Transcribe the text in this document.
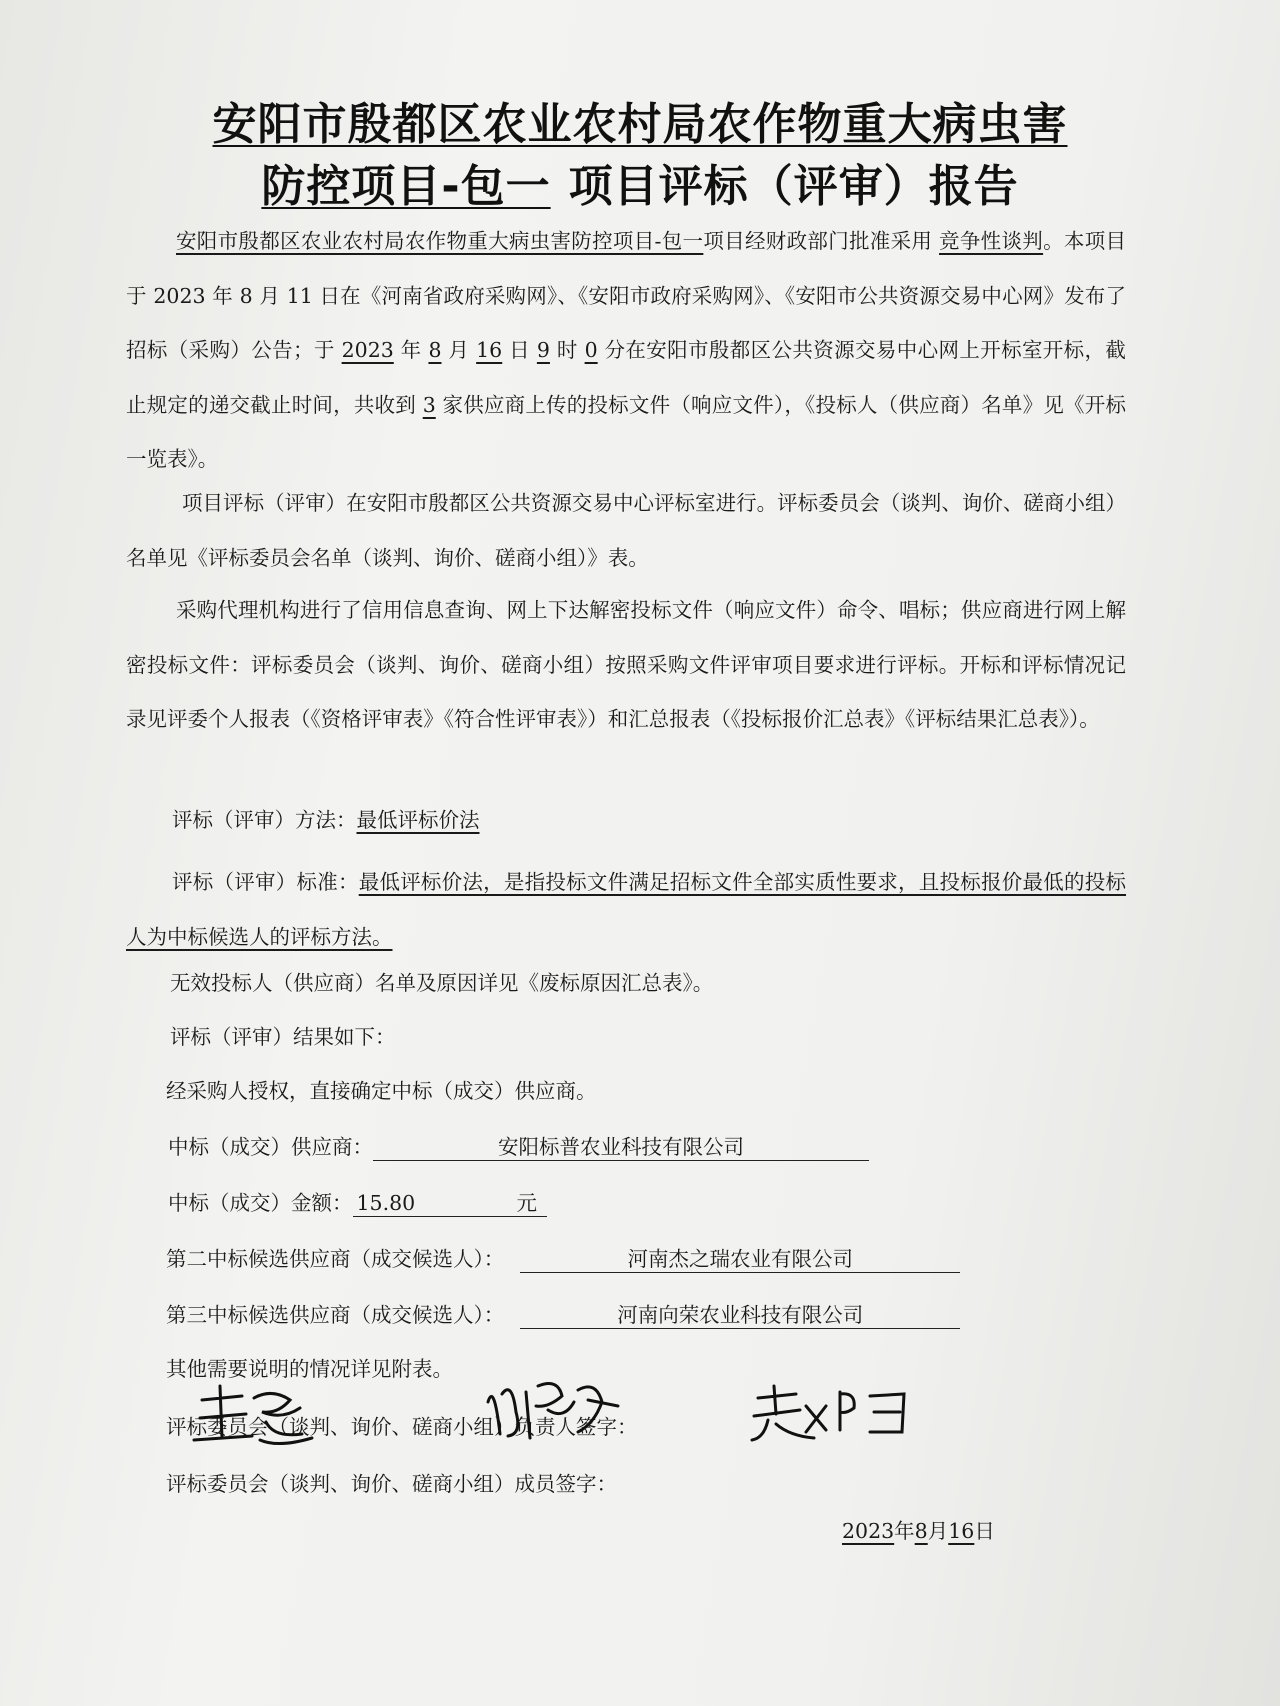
安阳市殷都区农业农村局农作物重大病虫害
防控项目-包一 项目评标（评审）报告
安阳市殷都区农业农村局农作物重大病虫害防控项目-包一项目经财政部门批准采用 竞争性谈判。本项目于 2023 年 8 月 11 日在《河南省政府采购网》、《安阳市政府采购网》、《安阳市公共资源交易中心网》发布了招标（采购）公告；于 2023 年 8 月 16 日 9 时 0 分在安阳市殷都区公共资源交易中心网上开标室开标，截止规定的递交截止时间，共收到 3 家供应商上传的投标文件（响应文件），《投标人（供应商）名单》见《开标一览表》。
项目评标（评审）在安阳市殷都区公共资源交易中心评标室进行。评标委员会（谈判、询价、磋商小组）名单见《评标委员会名单（谈判、询价、磋商小组）》表。
采购代理机构进行了信用信息查询、网上下达解密投标文件（响应文件）命令、唱标；供应商进行网上解密投标文件：评标委员会（谈判、询价、磋商小组）按照采购文件评审项目要求进行评标。开标和评标情况记录见评委个人报表（《资格评审表》《符合性评审表》）和汇总报表（《投标报价汇总表》《评标结果汇总表》）。
评标（评审）方法：最低评标价法
评标（评审）标准：最低评标价法，是指投标文件满足招标文件全部实质性要求，且投标报价最低的投标人为中标候选人的评标方法。
无效投标人（供应商）名单及原因详见《废标原因汇总表》。
评标（评审）结果如下：
经采购人授权，直接确定中标（成交）供应商。
中标（成交）供应商：	安阳标普农业科技有限公司
中标（成交）金额： 15.80	元
第二中标候选供应商（成交候选人）：	河南杰之瑞农业有限公司
第三中标候选供应商（成交候选人）：	河南向荣农业科技有限公司
其他需要说明的情况详见附表。
评标委员会（谈判、询价、磋商小组）负责人签字：
评标委员会（谈判、询价、磋商小组）成员签字：
2023年8月16日
